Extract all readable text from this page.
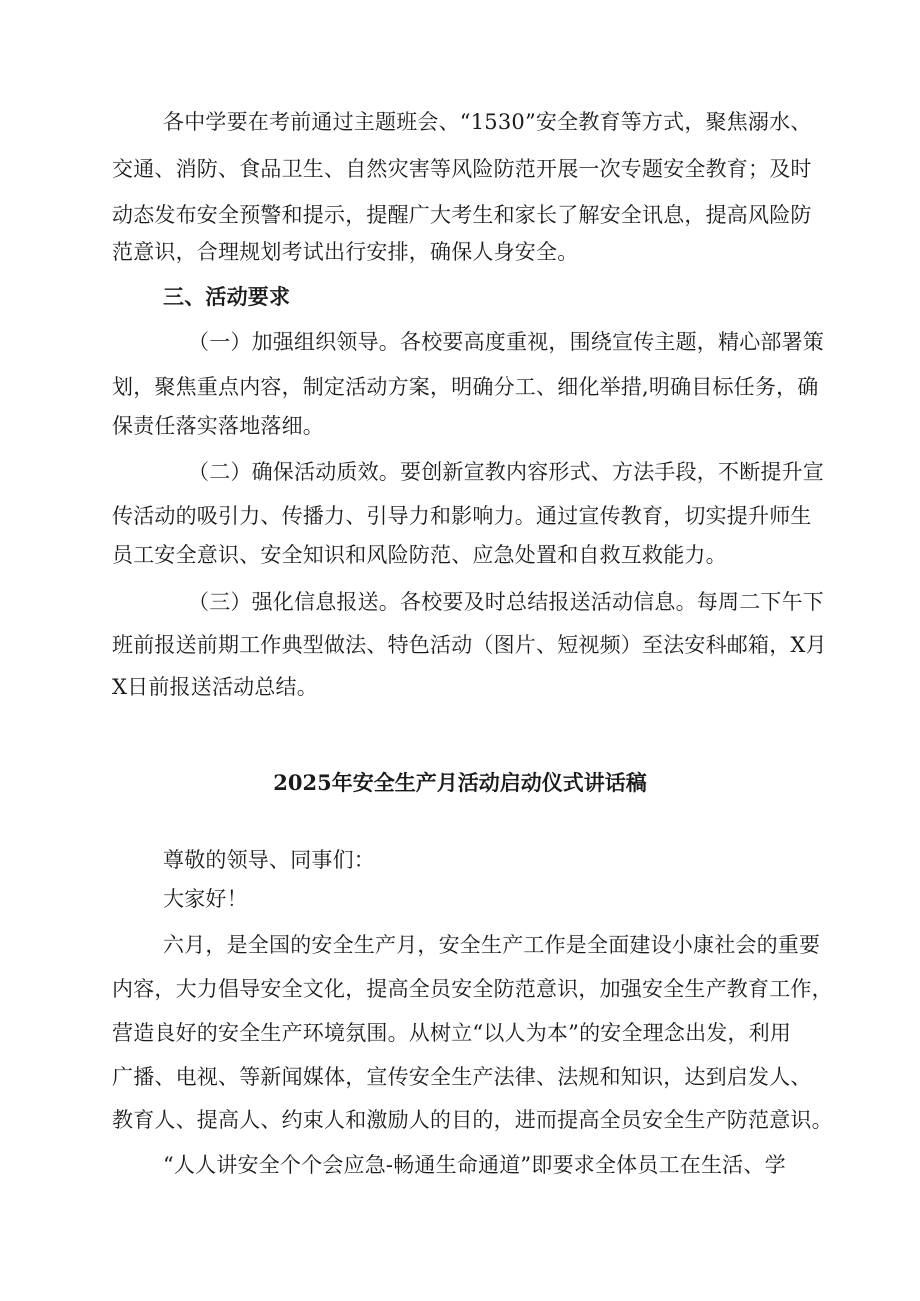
各中学要在考前通过主题班会、“1530”安全教育等方式，聚焦溺水、
交通、消防、食品卫生、自然灾害等风险防范开展一次专题安全教育；及时
动态发布安全预警和提示，提醒广大考生和家长了解安全讯息，提高风险防
范意识，合理规划考试出行安排，确保人身安全。
三、活动要求
（一）加强组织领导。各校要高度重视，围绕宣传主题，精心部署策
划，聚焦重点内容，制定活动方案，明确分工、细化举措,明确目标任务，确
保责任落实落地落细。
（二）确保活动质效。要创新宣教内容形式、方法手段，不断提升宣
传活动的吸引力、传播力、引导力和影响力。通过宣传教育，切实提升师生
员工安全意识、安全知识和风险防范、应急处置和自救互救能力。
（三）强化信息报送。各校要及时总结报送活动信息。每周二下午下
班前报送前期工作典型做法、特色活动（图片、短视频）至法安科邮箱，X月
X日前报送活动总结。
2025年安全生产月活动启动仪式讲话稿
尊敬的领导、同事们：
大家好！
六月，是全国的安全生产月，安全生产工作是全面建设小康社会的重要
内容，大力倡导安全文化，提高全员安全防范意识，加强安全生产教育工作，
营造良好的安全生产环境氛围。从树立“以人为本”的安全理念出发，利用
广播、电视、等新闻媒体，宣传安全生产法律、法规和知识，达到启发人、
教育人、提高人、约束人和激励人的目的，进而提高全员安全生产防范意识。
“人人讲安全个个会应急-畅通生命通道”即要求全体员工在生活、学
